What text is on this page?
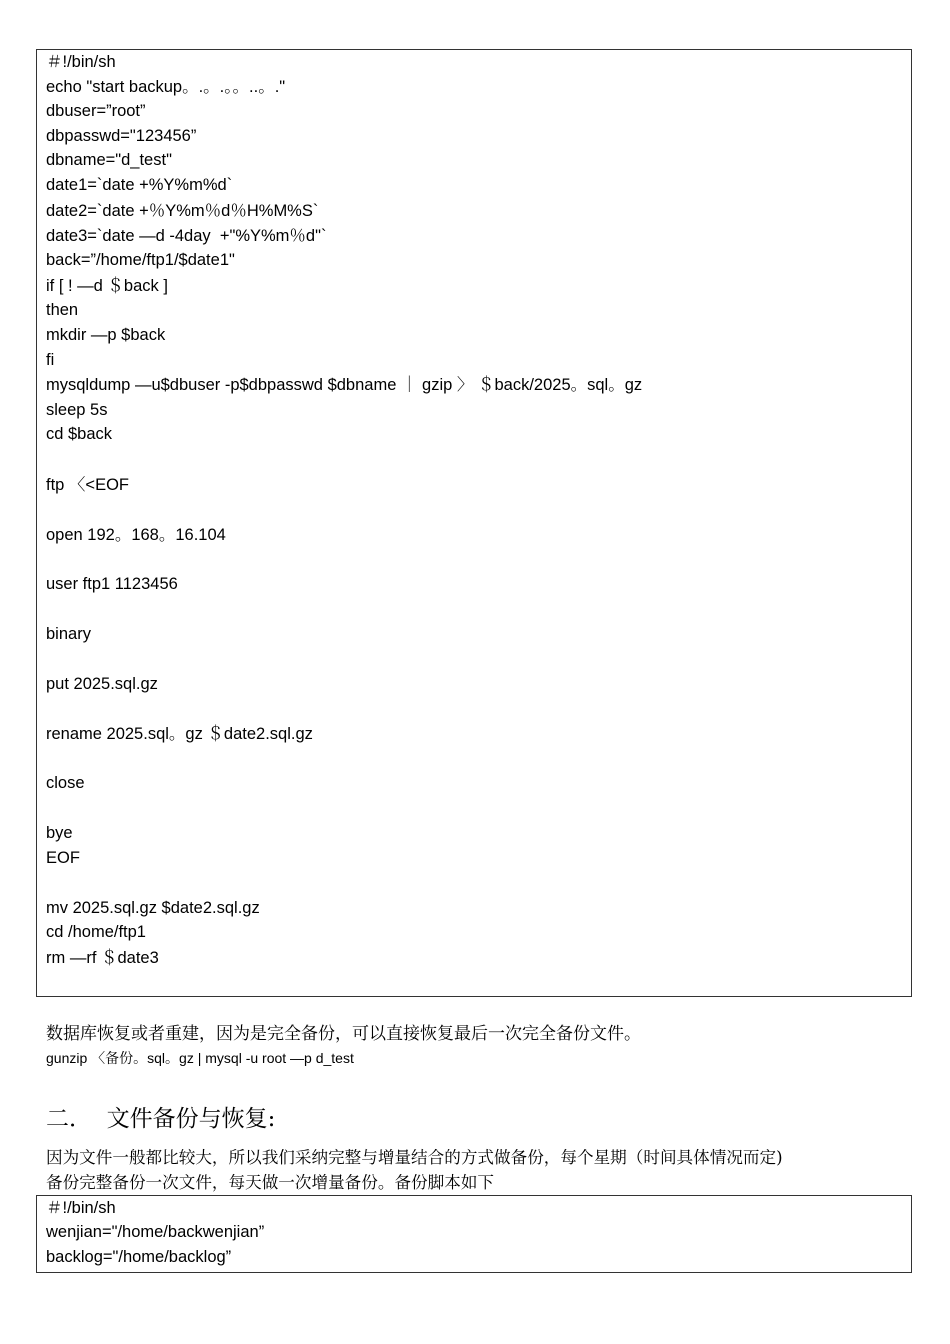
＃!/bin/sh
echo "start backup。.。.。。..。."
dbuser=”root”
dbpasswd="123456”
dbname="d_test"
date1=`date +%Y%m%d`
date2=`date +％Y%m％d％H%M%S`
date3=`date —d -4day  +"%Y%m％d"`
back=”/home/ftp1/$date1"
if [ ! —d ＄back ]
then
mkdir —p $back
fi
mysqldump —u$dbuser -p$dbpasswd $dbname ｜ gzip 〉 ＄back/2025。sql。gz
sleep 5s
cd $back
ftp 〈<EOF
open 192。168。16.104
user ftp1 1123456
binary
put 2025.sql.gz
rename 2025.sql。gz ＄date2.sql.gz
close
bye
EOF
mv 2025.sql.gz $date2.sql.gz
cd /home/ftp1
rm —rf ＄date3
数据库恢复或者重建，因为是完全备份，可以直接恢复最后一次完全备份文件。
gunzip 〈备份。sql。gz | mysql -u root —p d_test
二．  文件备份与恢复:
因为文件一般都比较大，所以我们采纳完整与增量结合的方式做备份，每个星期（时间具体情况而定)
备份完整备份一次文件，每天做一次增量备份。备份脚本如下
＃!/bin/sh
wenjian="/home/backwenjian”
backlog="/home/backlog”
